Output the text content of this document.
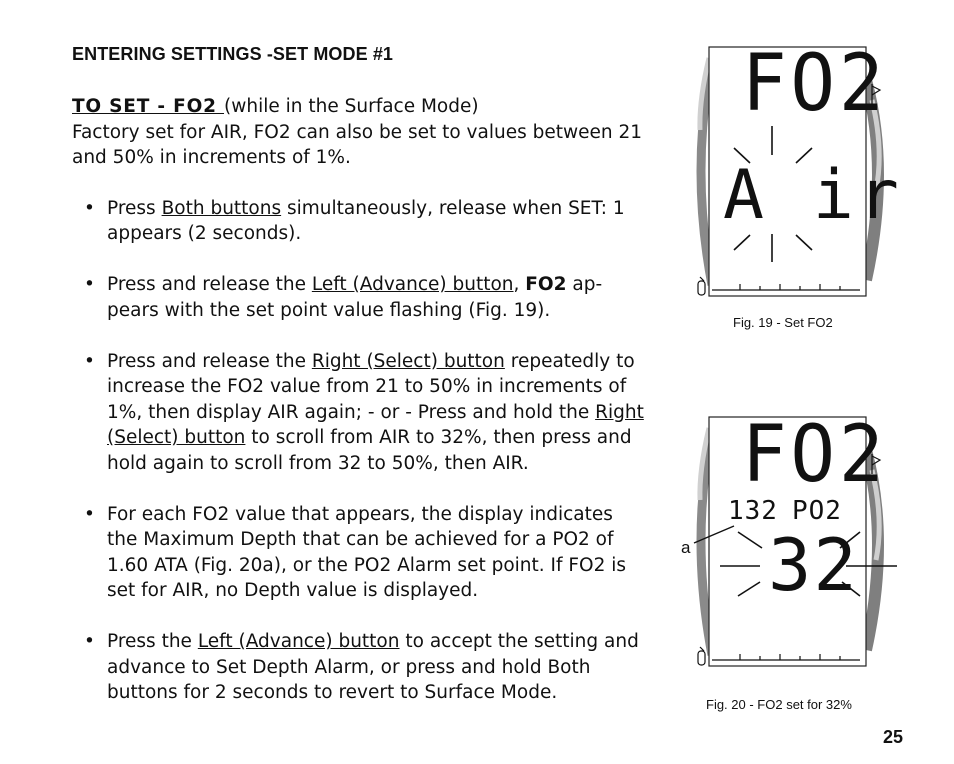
ENTERING SETTINGS -SET MODE #1

TO SET - FO2 (while in the Surface Mode)

Factory set for AIR, FO2 can also be set to values between 21 and 50% in increments of 1%.

• Press Both buttons simultaneously, release when SET: 1 appears (2 seconds).
• Press and release the Left (Advance) button, FO2 ap-pears with the set point value flashing (Fig. 19).
• Press and release the Right (Select) button repeatedly to increase the FO2 value from 21 to 50% in increments of 1%, then display AIR again; - or - Press and hold the Right (Select) button to scroll from AIR to 32%, then press and hold again to scroll from 32 to 50%, then AIR.
• For each FO2 value that appears, the display indicates the Maximum Depth that can be achieved for a PO2 of 1.60 ATA (Fig. 20a), or the PO2 Alarm set point. If FO2 is set for AIR, no Depth value is displayed.
• Press the Left (Advance) button to accept the setting and advance to Set Depth Alarm, or press and hold Both buttons for 2 seconds to revert to Surface Mode.
FO2
A ir
Fig. 19 - Set FO2
FO2
132 PO2
32
a
Fig. 20 - FO2 set for 32%
25
